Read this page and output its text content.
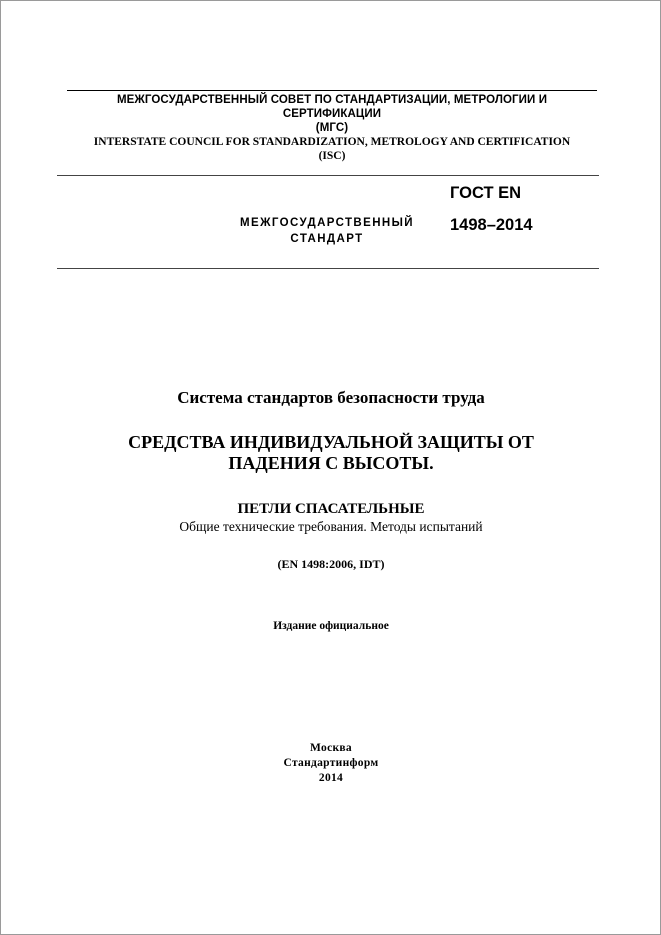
МЕЖГОСУДАРСТВЕННЫЙ СОВЕТ ПО СТАНДАРТИЗАЦИИ, МЕТРОЛОГИИ И
СЕРТИФИКАЦИИ
(МГС)
INTERSTATE COUNCIL FOR STANDARDIZATION, METROLOGY AND CERTIFICATION
(ISC)
МЕЖГОСУДАРСТВЕННЫЙ
СТАНДАРТ
ГОСТ EN
1498–2014
Система стандартов безопасности труда
СРЕДСТВА ИНДИВИДУАЛЬНОЙ ЗАЩИТЫ ОТ
ПАДЕНИЯ С ВЫСОТЫ.
ПЕТЛИ СПАСАТЕЛЬНЫЕ
Общие технические требования. Методы испытаний
(EN 1498:2006, IDT)
Издание официальное
Москва
Стандартинформ
2014
